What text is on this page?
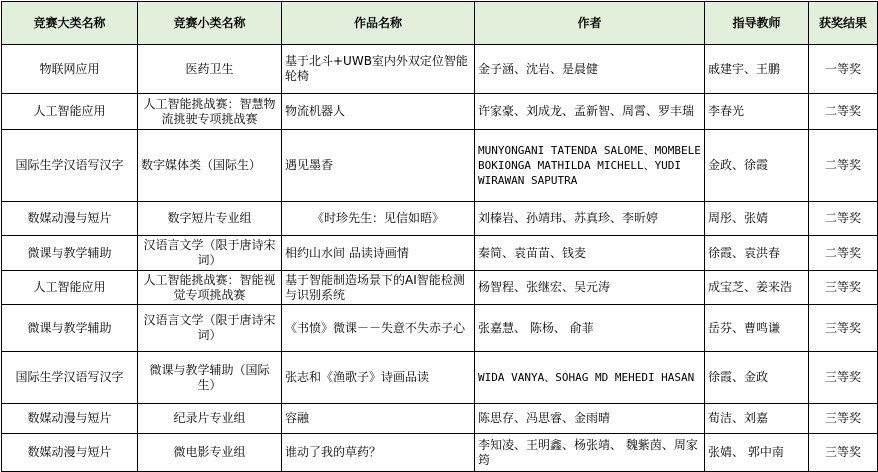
竞赛大类名称	竞赛小类名称	作品名称	作者	指导教师	获奖结果
物联网应用	医药卫生	基于北斗+UWB室内外双定位智能轮椅	金子涵、沈岩、是晨健	戚建宇、王鹏	一等奖
人工智能应用	人工智能挑战赛：智慧物流挑驶专项挑战赛	物流机器人	许家豪、刘成龙、孟新智、周霄、罗丰瑞	李春光	二等奖
国际生学汉语写汉字	数字媒体类（国际生）	遇见墨香	MUNYONGANI TATENDA SALOME、MOMBELE BOKIONGA MATHILDA MICHELL、YUDI WIRAWAN SAPUTRA	金政、徐霞	二等奖
数媒动漫与短片	数字短片专业组	《时珍先生：见信如晤》	刘榛岩、孙靖玮、苏真珍、李昕婷	周彤、张婧	二等奖
微课与教学辅助	汉语言文学（限于唐诗宋词）	相约山水间 品读诗画情	秦简、袁苗苗、钱麦	徐霞、袁洪春	二等奖
人工智能应用	人工智能挑战赛：智能视觉专项挑战赛	基于智能制造场景下的AI智能检测与识别系统	杨智程、张继宏、吴元涛	成宝芝、姜来浩	三等奖
微课与教学辅助	汉语言文学（限于唐诗宋词）	《书愤》微课－－失意不失赤子心	张嘉慧、 陈杨、 俞菲	岳芬、曹鸣谦	三等奖
国际生学汉语写汉字	微课与教学辅助（国际生）	张志和《渔歌子》诗画品读	WIDA VANYA、SOHAG MD MEHEDI HASAN	徐霞、金政	三等奖
数媒动漫与短片	纪录片专业组	容融	陈思存、冯思睿、金雨晴	荀洁、刘嘉	三等奖
数媒动漫与短片	微电影专业组	谁动了我的草药？	李知凌、王明鑫、杨张靖、 魏紫茵、周家筠	张婧、 郭中南	三等奖
